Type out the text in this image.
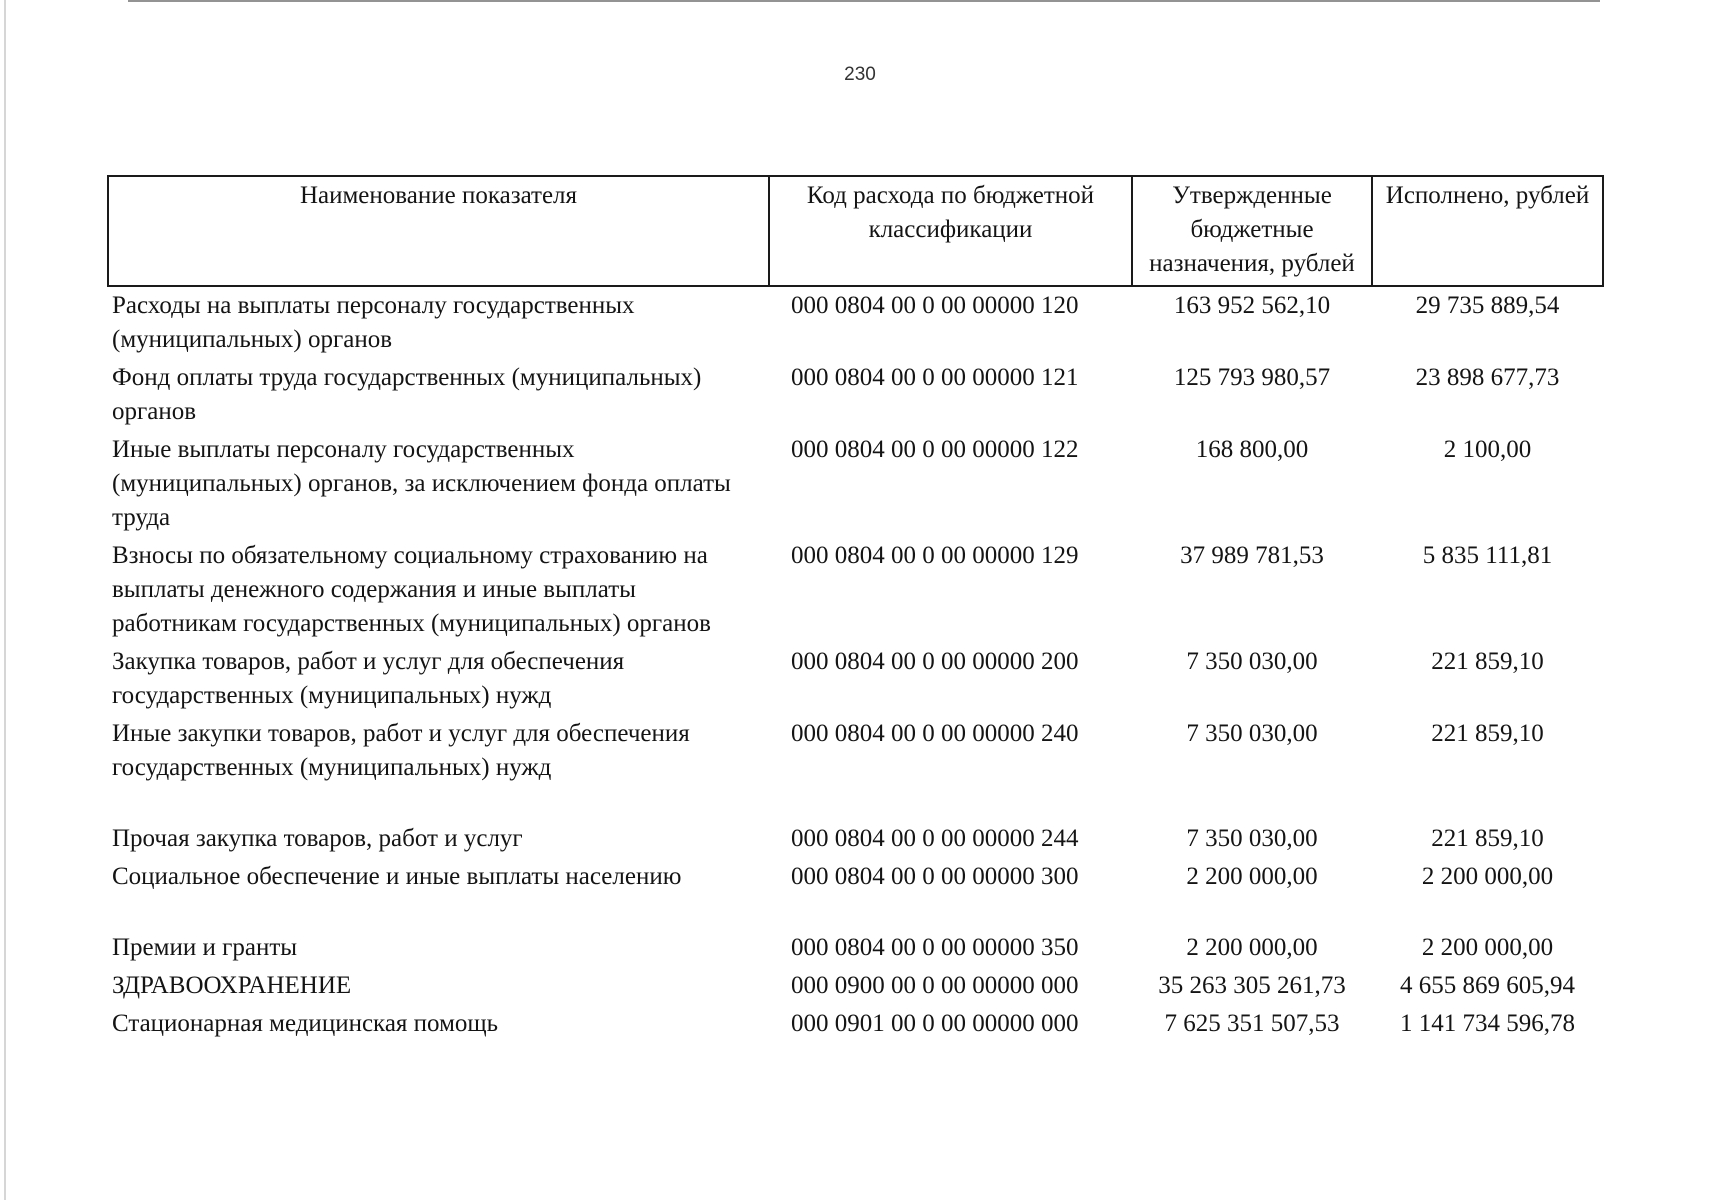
230
Наименование показателя	Код расхода по бюджетной классификации	Утвержденные бюджетные назначения, рублей	Исполнено, рублей
Расходы на выплаты персоналу государственных (муниципальных) органов	000 0804 00 0 00 00000 120	163 952 562,10	29 735 889,54
Фонд оплаты труда государственных (муниципальных) органов	000 0804 00 0 00 00000 121	125 793 980,57	23 898 677,73
Иные выплаты персоналу государственных (муниципальных) органов, за исключением фонда оплаты труда	000 0804 00 0 00 00000 122	168 800,00	2 100,00
Взносы по обязательному социальному страхованию на выплаты денежного содержания и иные выплаты работникам государственных (муниципальных) органов	000 0804 00 0 00 00000 129	37 989 781,53	5 835 111,81
Закупка товаров, работ и услуг для обеспечения государственных (муниципальных) нужд	000 0804 00 0 00 00000 200	7 350 030,00	221 859,10
Иные закупки товаров, работ и услуг для обеспечения государственных (муниципальных) нужд	000 0804 00 0 00 00000 240	7 350 030,00	221 859,10
Прочая закупка товаров, работ и услуг	000 0804 00 0 00 00000 244	7 350 030,00	221 859,10
Социальное обеспечение и иные выплаты населению	000 0804 00 0 00 00000 300	2 200 000,00	2 200 000,00
Премии и гранты	000 0804 00 0 00 00000 350	2 200 000,00	2 200 000,00
ЗДРАВООХРАНЕНИЕ	000 0900 00 0 00 00000 000	35 263 305 261,73	4 655 869 605,94
Стационарная медицинская помощь	000 0901 00 0 00 00000 000	7 625 351 507,53	1 141 734 596,78
